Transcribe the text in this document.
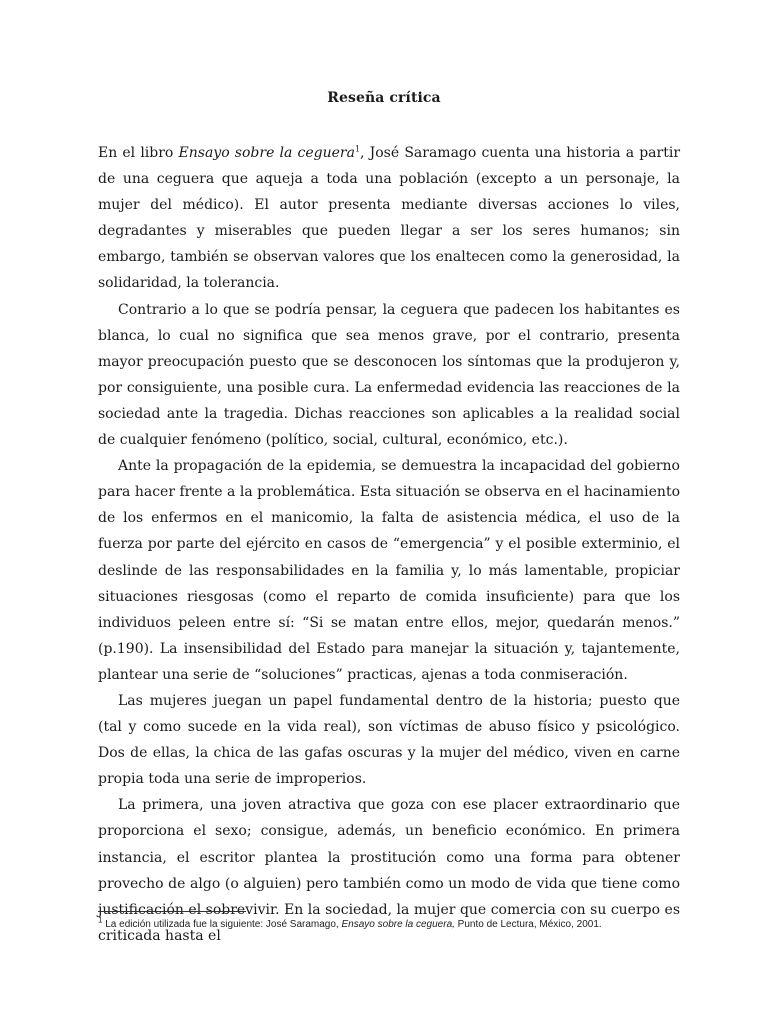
Reseña crítica

En el libro Ensayo sobre la ceguera$^1$, José Saramago cuenta una historia a partir de una ceguera que aqueja a toda una población (excepto a un personaje, la mujer del médico). El autor presenta mediante diversas acciones lo viles, degradantes y miserables que pueden llegar a ser los seres humanos; sin embargo, también se observan valores que los enaltecen como la generosidad, la solidaridad, la tolerancia.

Contrario a lo que se podría pensar, la ceguera que padecen los habitantes es blanca, lo cual no significa que sea menos grave, por el contrario, presenta mayor preocupación puesto que se desconocen los síntomas que la produjeron y, por consiguiente, una posible cura. La enfermedad evidencia las reacciones de la sociedad ante la tragedia. Dichas reacciones son aplicables a la realidad social de cualquier fenómeno (político, social, cultural, económico, etc.).

Ante la propagación de la epidemia, se demuestra la incapacidad del gobierno para hacer frente a la problemática. Esta situación se observa en el hacinamiento de los enfermos en el manicomio, la falta de asistencia médica, el uso de la fuerza por parte del ejército en casos de “emergencia” y el posible exterminio, el deslinde de las responsabilidades en la familia y, lo más lamentable, propiciar situaciones riesgosas (como el reparto de comida insuficiente) para que los individuos peleen entre sí: “Si se matan entre ellos, mejor, quedarán menos.” (p.190). La insensibilidad del Estado para manejar la situación y, tajantemente, plantear una serie de “soluciones” practicas, ajenas a toda conmiseración.

Las mujeres juegan un papel fundamental dentro de la historia; puesto que (tal y como sucede en la vida real), son víctimas de abuso físico y psicológico. Dos de ellas, la chica de las gafas oscuras y la mujer del médico, viven en carne propia toda una serie de improperios.

La primera, una joven atractiva que goza con ese placer extraordinario que proporciona el sexo; consigue, además, un beneficio económico. En primera instancia, el escritor plantea la prostitución como una forma para obtener provecho de algo (o alguien) pero también como un modo de vida que tiene como justificación el sobrevivir. En la sociedad, la mujer que comercia con su cuerpo es criticada hasta el

$^1$ La edición utilizada fue la siguiente: José Saramago, Ensayo sobre la ceguera, Punto de Lectura, México, 2001.
